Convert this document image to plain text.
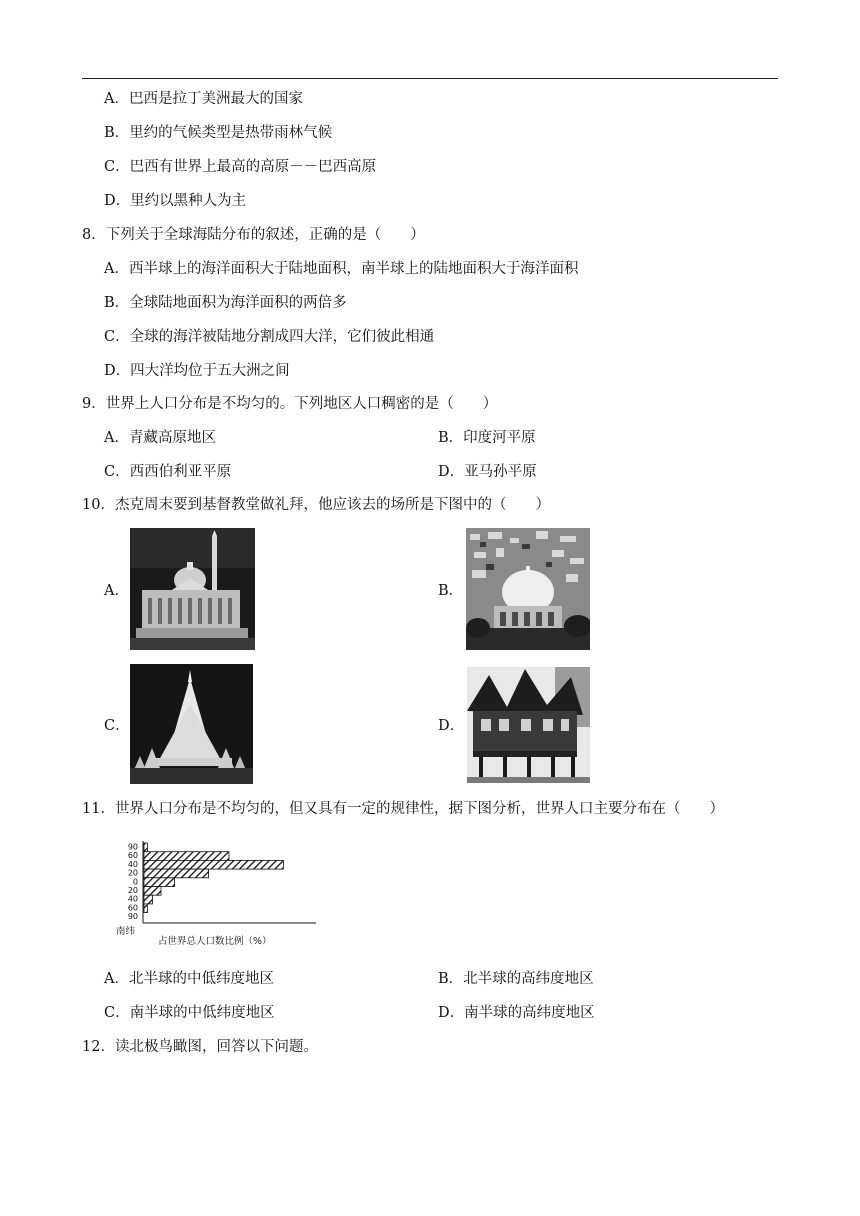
A．巴西是拉丁美洲最大的国家
B．里约的气候类型是热带雨林气候
C．巴西有世界上最高的高原－－巴西高原
D．里约以黑种人为主
8．下列关于全球海陆分布的叙述，正确的是（　　）
A．西半球上的海洋面积大于陆地面积，南半球上的陆地面积大于海洋面积
B．全球陆地面积为海洋面积的两倍多
C．全球的海洋被陆地分割成四大洋，它们彼此相通
D．四大洋均位于五大洲之间
9．世界上人口分布是不均匀的。下列地区人口稠密的是（　　）
A．青藏高原地区	B．印度河平原
C．西西伯利亚平原	D．亚马孙平原
10．杰克周末要到基督教堂做礼拜，他应该去的场所是下图中的（　　）
A．	B．
C．	D．
11．世界人口分布是不均匀的，但又具有一定的规律性，据下图分析，世界人口主要分布在（　　）
90
60
40
20
0
20
40
60
90
南纬
占世界总人口数比例（%）
A．北半球的中低纬度地区	B．北半球的高纬度地区
C．南半球的中低纬度地区	D．南半球的高纬度地区
12．读北极鸟瞰图，回答以下问题。
